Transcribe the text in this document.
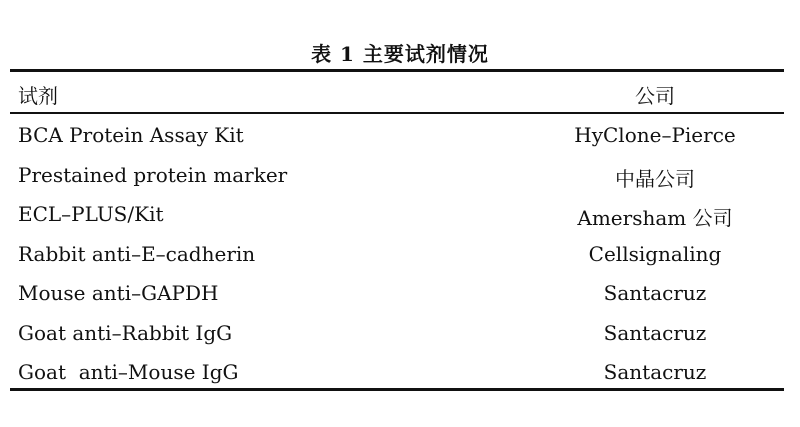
表 1 主要试剂情况
试剂	公司
BCA Protein Assay Kit	HyClone–Pierce
Prestained protein marker	中晶公司
ECL–PLUS/Kit	Amersham 公司
Rabbit anti–E–cadherin	Cellsignaling
Mouse anti–GAPDH	Santacruz
Goat anti–Rabbit IgG	Santacruz
Goat  anti–Mouse IgG	Santacruz
